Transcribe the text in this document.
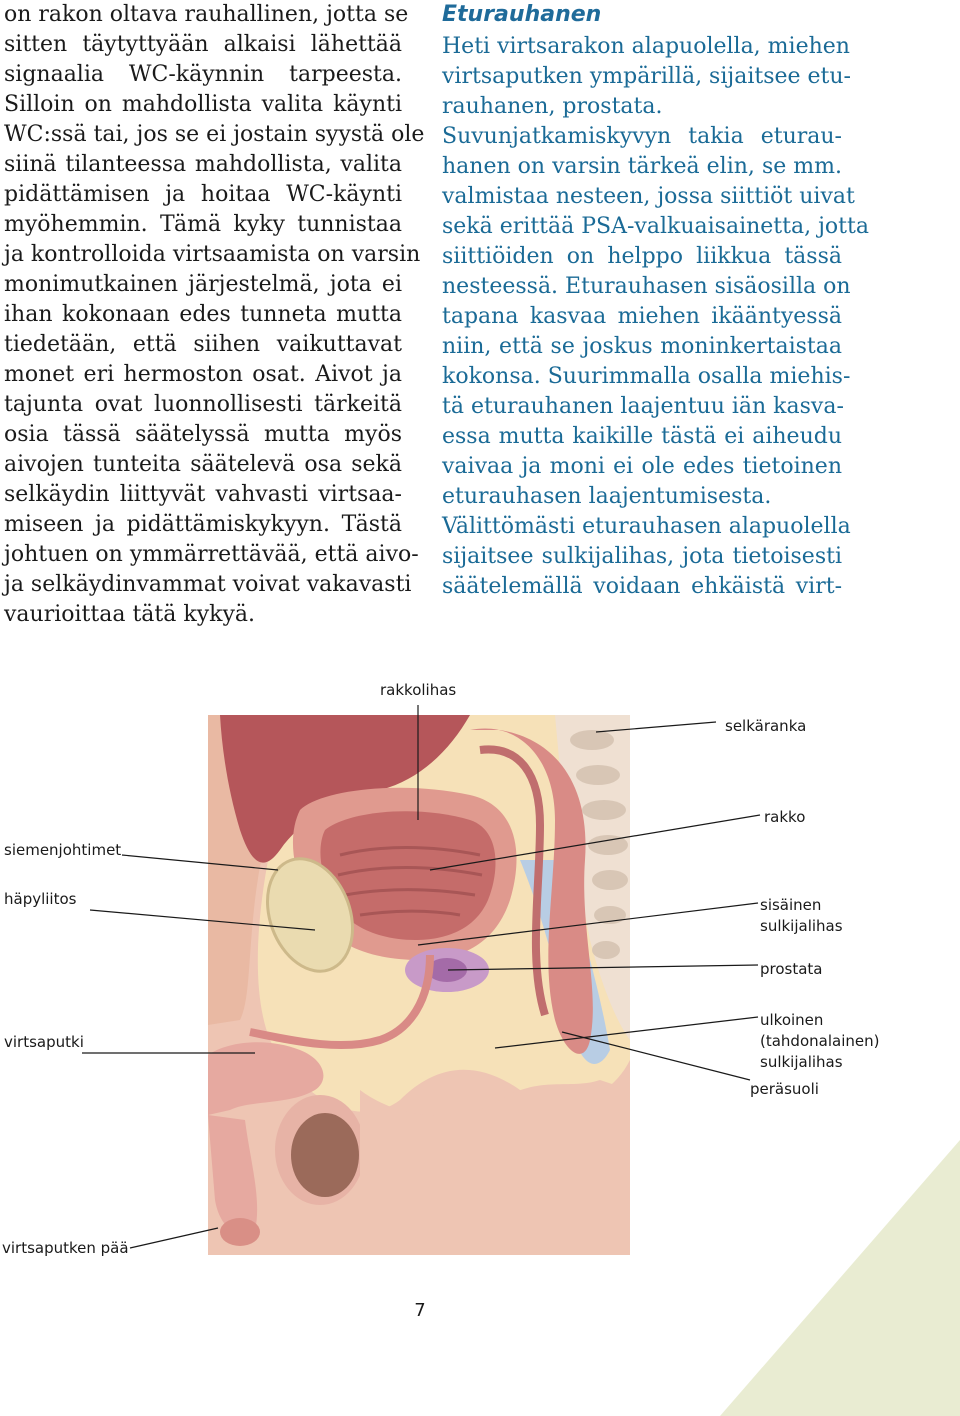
on rakon oltava rauhallinen, jotta se
sitten täytyttyään alkaisi lähettää
signaalia WC-käynnin tarpeesta.
Silloin on mahdollista valita käynti
WC:ssä tai, jos se ei jostain syystä ole
siinä tilanteessa mahdollista, valita
pidättämisen ja hoitaa WC-käynti
myöhemmin. Tämä kyky tunnistaa
ja kontrolloida virtsaamista on varsin
monimutkainen järjestelmä, jota ei
ihan kokonaan edes tunneta mutta
tiedetään, että siihen vaikuttavat
monet eri hermoston osat. Aivot ja
tajunta ovat luonnollisesti tärkeitä
osia tässä säätelyssä mutta myös
aivojen tunteita säätelevä osa sekä
selkäydin liittyvät vahvasti virtsaa-
miseen ja pidättämiskykyyn. Tästä
johtuen on ymmärrettävää, että aivo-
ja selkäydinvammat voivat vakavasti
vaurioittaa tätä kykyä.

Eturauhanen

Heti virtsarakon alapuolella, miehen
virtsaputken ympärillä, sijaitsee etu-
rauhanen, prostata.
Suvunjatkamiskyvyn takia eturau-
hanen on varsin tärkeä elin, se mm.
valmistaa nesteen, jossa siittiöt uivat
sekä erittää PSA-valkuaisainetta, jotta
siittiöiden on helppo liikkua tässä
nesteessä. Eturauhasen sisäosilla on
tapana kasvaa miehen ikääntyessä
niin, että se joskus moninkertaistaa
kokonsa. Suurimmalla osalla miehis-
tä eturauhanen laajentuu iän kasva-
essa mutta kaikille tästä ei aiheudu
vaivaa ja moni ei ole edes tietoinen
eturauhasen laajentumisesta.
Välittömästi eturauhasen alapuolella
sijaitsee sulkijalihas, jota tietoisesti
säätelemällä voidaan ehkäistä virt-

rakkolihas
selkäranka
rakko
siemenjohtimet
häpyliitos	sisäinen
sulkijalihas
prostata
virtsaputki
ulkoinen
(tahdonalainen)
sulkijalihas
peräsuoli
virtsaputken pää
7
